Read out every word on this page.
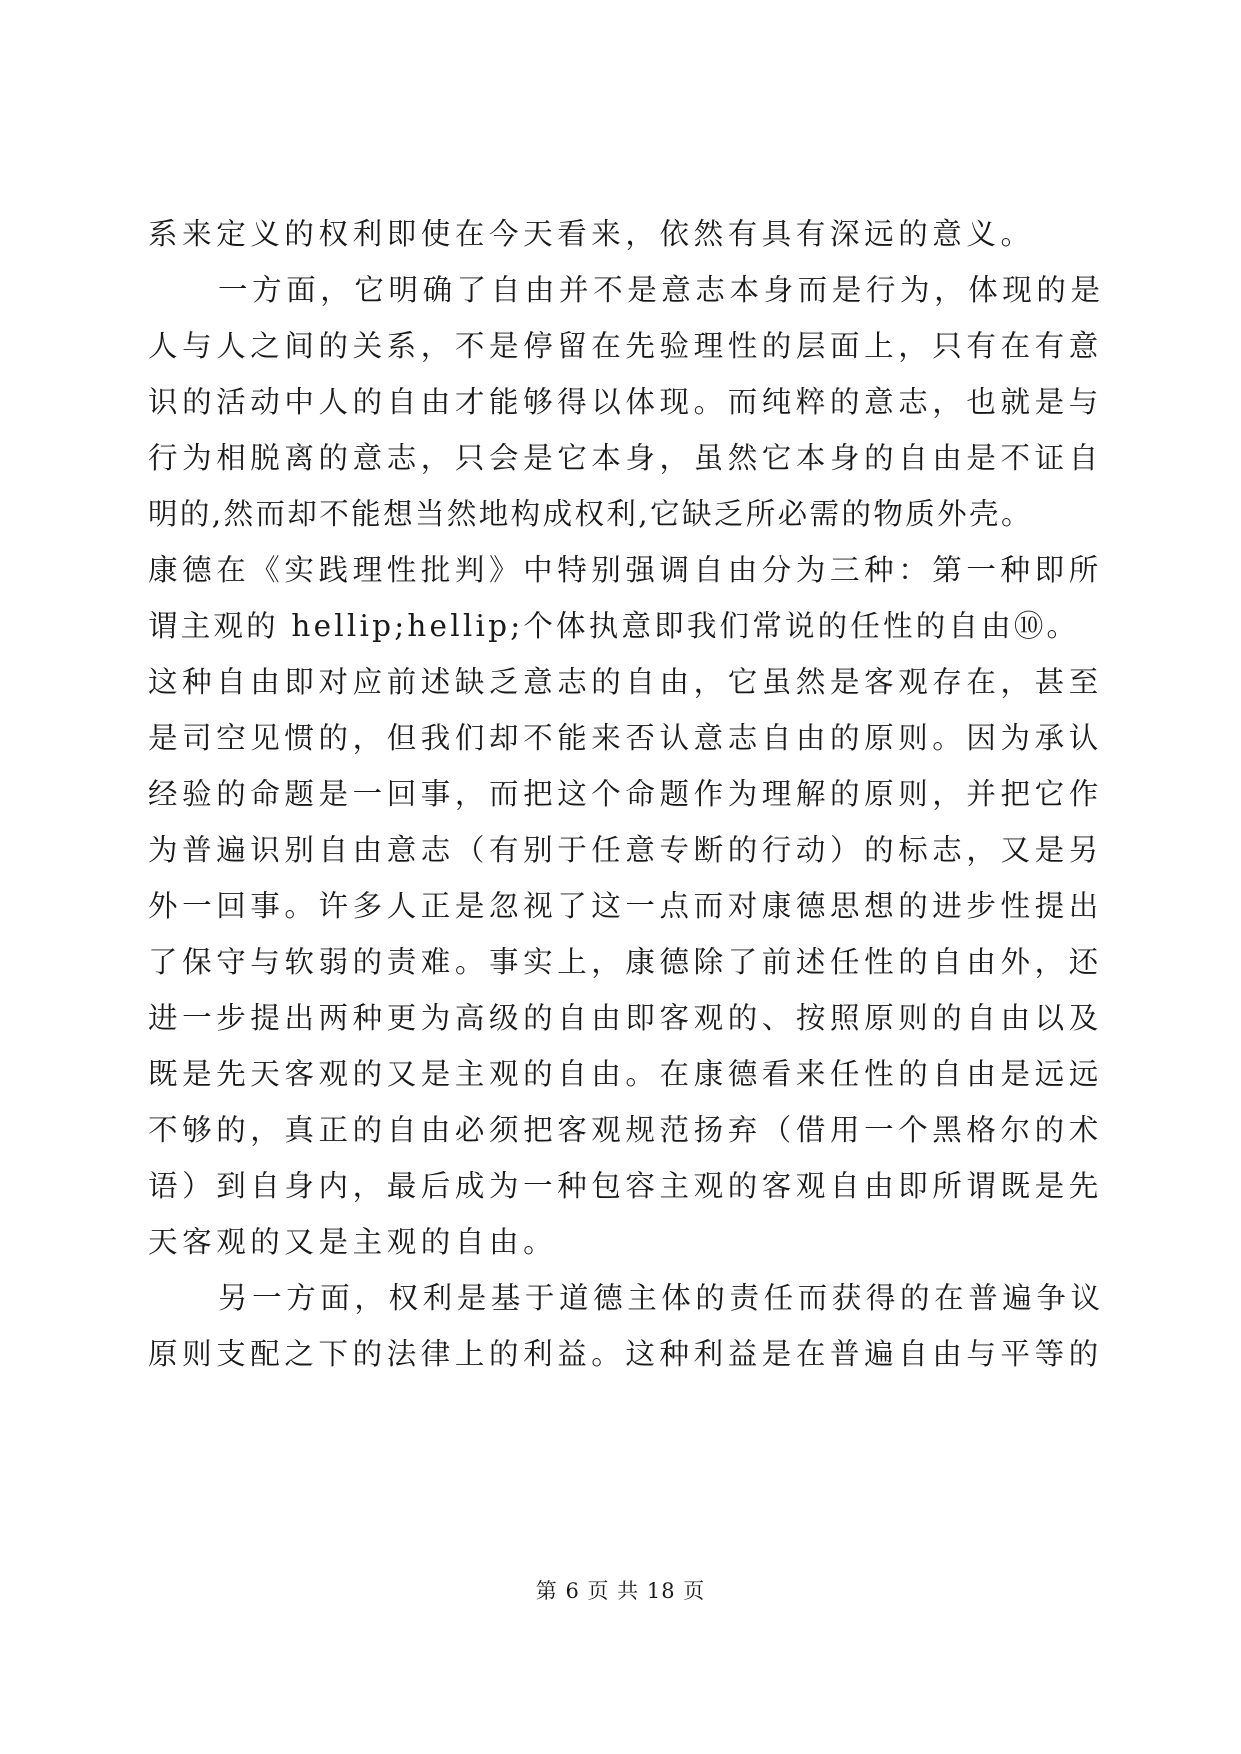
系来定义的权利即使在今天看来，依然有具有深远的意义。
一方面，它明确了自由并不是意志本身而是行为，体现的是
人与人之间的关系，不是停留在先验理性的层面上，只有在有意
识的活动中人的自由才能够得以体现。而纯粹的意志，也就是与
行为相脱离的意志，只会是它本身，虽然它本身的自由是不证自
明的,然而却不能想当然地构成权利,它缺乏所必需的物质外壳。
康德在《实践理性批判》中特别强调自由分为三种：第一种即所
谓主观的 hellip;hellip;个体执意即我们常说的任性的自由⑩。
这种自由即对应前述缺乏意志的自由，它虽然是客观存在，甚至
是司空见惯的，但我们却不能来否认意志自由的原则。因为承认
经验的命题是一回事，而把这个命题作为理解的原则，并把它作
为普遍识别自由意志（有别于任意专断的行动）的标志，又是另
外一回事。许多人正是忽视了这一点而对康德思想的进步性提出
了保守与软弱的责难。事实上，康德除了前述任性的自由外，还
进一步提出两种更为高级的自由即客观的、按照原则的自由以及
既是先天客观的又是主观的自由。在康德看来任性的自由是远远
不够的，真正的自由必须把客观规范扬弃（借用一个黑格尔的术
语）到自身内，最后成为一种包容主观的客观自由即所谓既是先
天客观的又是主观的自由。
另一方面，权利是基于道德主体的责任而获得的在普遍争议
原则支配之下的法律上的利益。这种利益是在普遍自由与平等的
第 6 页 共 18 页
